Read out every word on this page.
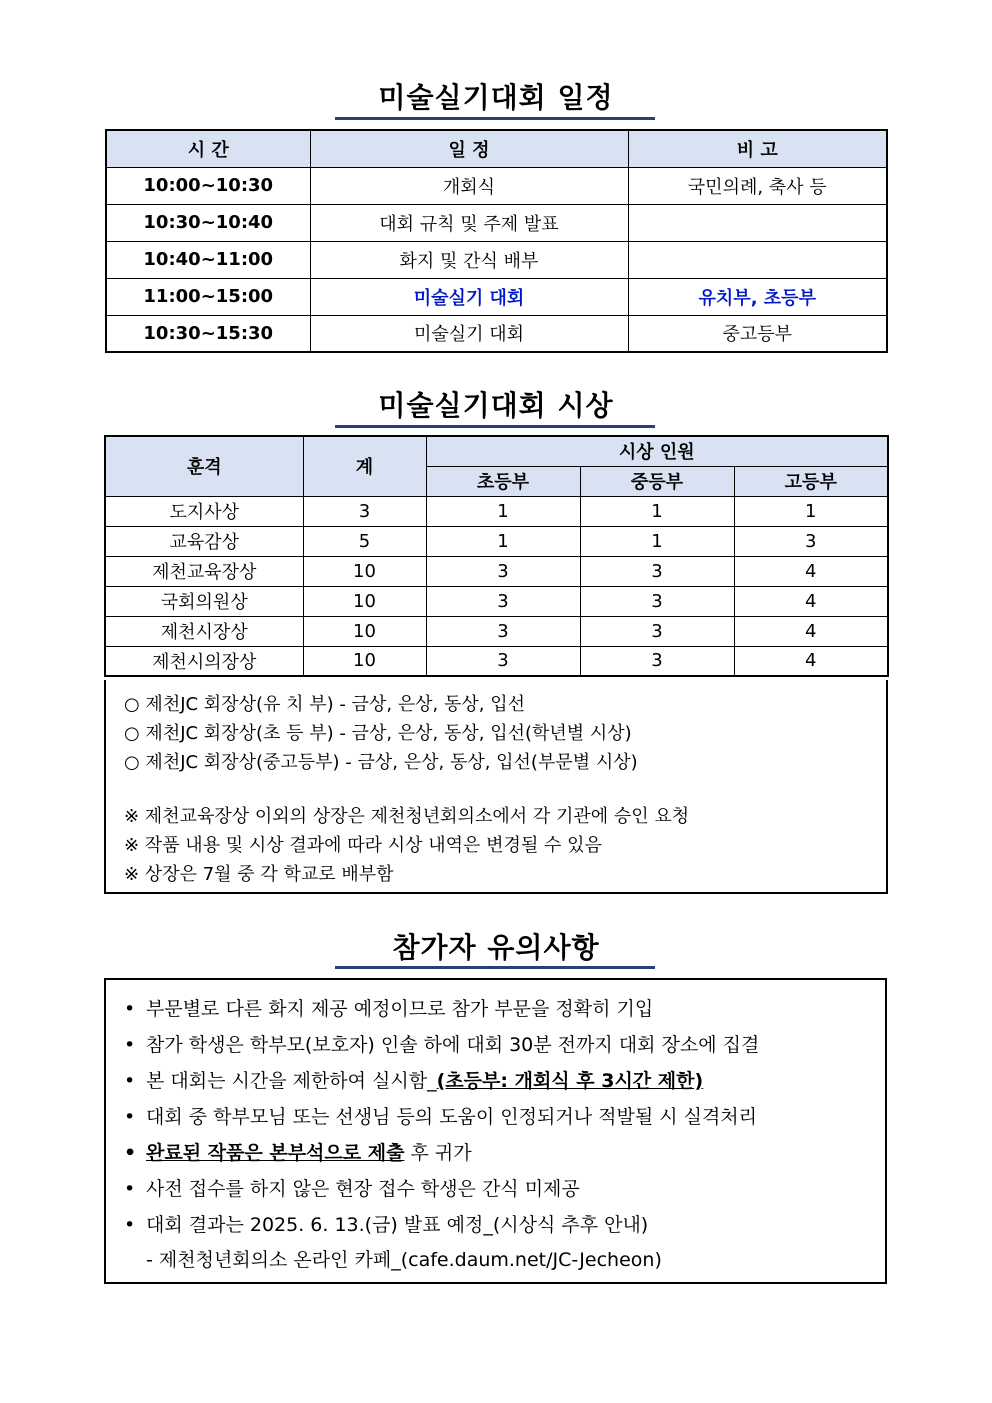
미술실기대회 일정
시 간	일 정	비 고
10:00~10:30	개회식	국민의례, 축사 등
10:30~10:40	대회 규칙 및 주제 발표	
10:40~11:00	화지 및 간식 배부	
11:00~15:00	미술실기 대회	유치부, 초등부
10:30~15:30	미술실기 대회	중고등부
미술실기대회 시상
훈격	계	시상 인원		
		초등부	중등부	고등부
도지사상	3	1	1	1
교육감상	5	1	1	3
제천교육장상	10	3	3	4
국회의원상	10	3	3	4
제천시장상	10	3	3	4
제천시의장상	10	3	3	4
○ 제천JC 회장상(유 치 부) - 금상, 은상, 동상, 입선
○ 제천JC 회장상(초 등 부) - 금상, 은상, 동상, 입선(학년별 시상)
○ 제천JC 회장상(중고등부) - 금상, 은상, 동상, 입선(부문별 시상)
※ 제천교육장상 이외의 상장은 제천청년회의소에서 각 기관에 승인 요청
※ 작품 내용 및 시상 결과에 따라 시상 내역은 변경될 수 있음
※ 상장은 7월 중 각 학교로 배부함
참가자 유의사항
• 부문별로 다른 화지 제공 예정이므로 참가 부문을 정확히 기입
• 참가 학생은 학부모(보호자) 인솔 하에 대회 30분 전까지 대회 장소에 집결
• 본 대회는 시간을 제한하여 실시함_(초등부: 개회식 후 3시간 제한)
• 대회 중 학부모님 또는 선생님 등의 도움이 인정되거나 적발될 시 실격처리
• 완료된 작품은 본부석으로 제출 후 귀가
• 사전 접수를 하지 않은 현장 접수 학생은 간식 미제공
• 대회 결과는 2025. 6. 13.(금) 발표 예정_(시상식 추후 안내)
- 제천청년회의소 온라인 카페_(cafe.daum.net/JC-Jecheon)
